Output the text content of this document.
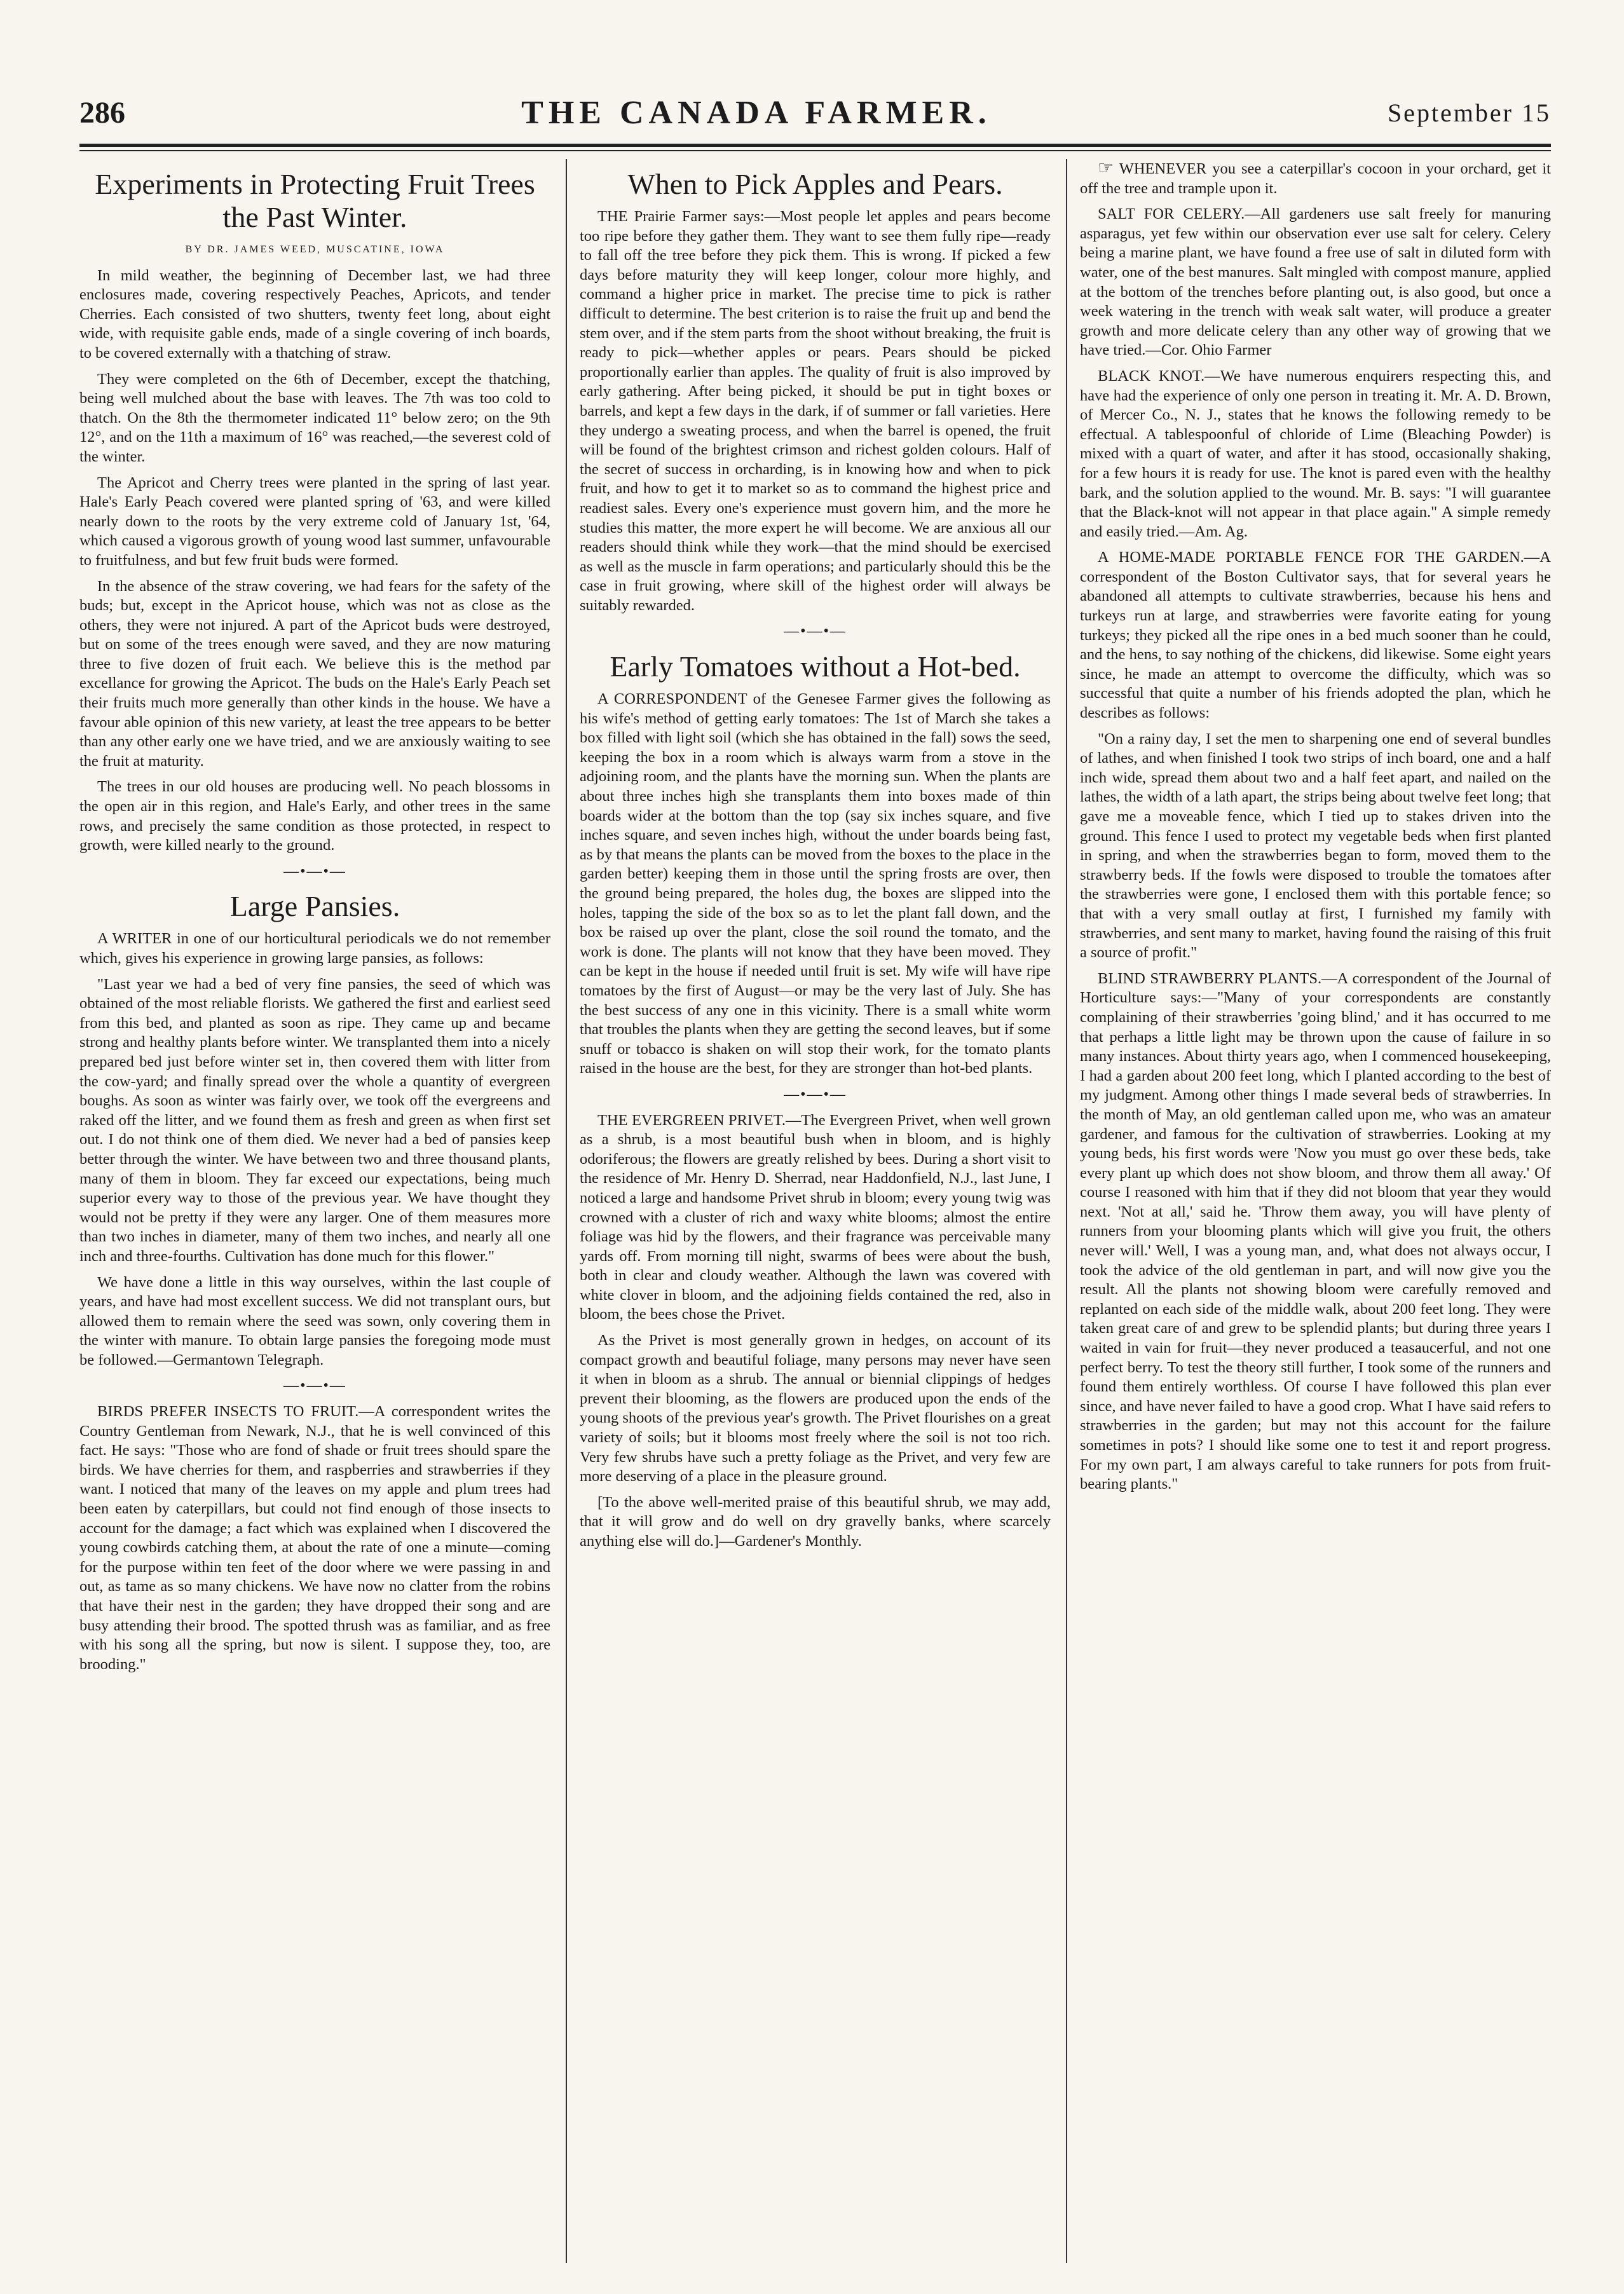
286	THE CANADA FARMER.	September 15
Experiments in Protecting Fruit Trees the Past Winter.
BY DR. JAMES WEED, MUSCATINE, IOWA

In mild weather, the beginning of December last, we had three enclosures made, covering respectively Peaches, Apricots, and tender Cherries. Each consisted of two shutters, twenty feet long, about eight wide, with requisite gable ends, made of a single covering of inch boards, to be covered externally with a thatching of straw.

They were completed on the 6th of December, except the thatching, being well mulched about the base with leaves. The 7th was too cold to thatch. On the 8th the thermometer indicated 11° below zero; on the 9th 12°, and on the 11th a maximum of 16° was reached,—the severest cold of the winter.

The Apricot and Cherry trees were planted in the spring of last year. Hale's Early Peach covered were planted spring of '63, and were killed nearly down to the roots by the very extreme cold of January 1st, '64, which caused a vigorous growth of young wood last summer, unfavourable to fruitfulness, and but few fruit buds were formed.

In the absence of the straw covering, we had fears for the safety of the buds; but, except in the Apricot house, which was not as close as the others, they were not injured. A part of the Apricot buds were destroyed, but on some of the trees enough were saved, and they are now maturing three to five dozen of fruit each. We believe this is the method par excellance for growing the Apricot. The buds on the Hale's Early Peach set their fruits much more generally than other kinds in the house. We have a favour able opinion of this new variety, at least the tree appears to be better than any other early one we have tried, and we are anxiously waiting to see the fruit at maturity.

The trees in our old houses are producing well. No peach blossoms in the open air in this region, and Hale's Early, and other trees in the same rows, and precisely the same condition as those protected, in respect to growth, were killed nearly to the ground.

—•—•—
Large Pansies.

A WRITER in one of our horticultural periodicals we do not remember which, gives his experience in growing large pansies, as follows:

"Last year we had a bed of very fine pansies, the seed of which was obtained of the most reliable florists. We gathered the first and earliest seed from this bed, and planted as soon as ripe. They came up and became strong and healthy plants before winter. We transplanted them into a nicely prepared bed just before winter set in, then covered them with litter from the cow-yard; and finally spread over the whole a quantity of evergreen boughs. As soon as winter was fairly over, we took off the evergreens and raked off the litter, and we found them as fresh and green as when first set out. I do not think one of them died. We never had a bed of pansies keep better through the winter. We have between two and three thousand plants, many of them in bloom. They far exceed our expectations, being much superior every way to those of the previous year. We have thought they would not be pretty if they were any larger. One of them measures more than two inches in diameter, many of them two inches, and nearly all one inch and three-fourths. Cultivation has done much for this flower."

We have done a little in this way ourselves, within the last couple of years, and have had most excellent success. We did not transplant ours, but allowed them to remain where the seed was sown, only covering them in the winter with manure. To obtain large pansies the foregoing mode must be followed.—Germantown Telegraph.

—•—•—

BIRDS PREFER INSECTS TO FRUIT.—A correspondent writes the Country Gentleman from Newark, N.J., that he is well convinced of this fact. He says: "Those who are fond of shade or fruit trees should spare the birds. We have cherries for them, and raspberries and strawberries if they want. I noticed that many of the leaves on my apple and plum trees had been eaten by caterpillars, but could not find enough of those insects to account for the damage; a fact which was explained when I discovered the young cowbirds catching them, at about the rate of one a minute—coming for the purpose within ten feet of the door where we were passing in and out, as tame as so many chickens. We have now no clatter from the robins that have their nest in the garden; they have dropped their song and are busy attending their brood. The spotted thrush was as familiar, and as free with his song all the spring, but now is silent. I suppose they, too, are brooding."

When to Pick Apples and Pears.

THE Prairie Farmer says:—Most people let apples and pears become too ripe before they gather them. They want to see them fully ripe—ready to fall off the tree before they pick them. This is wrong. If picked a few days before maturity they will keep longer, colour more highly, and command a higher price in market. The precise time to pick is rather difficult to determine. The best criterion is to raise the fruit up and bend the stem over, and if the stem parts from the shoot without breaking, the fruit is ready to pick—whether apples or pears. Pears should be picked proportionally earlier than apples. The quality of fruit is also improved by early gathering. After being picked, it should be put in tight boxes or barrels, and kept a few days in the dark, if of summer or fall varieties. Here they undergo a sweating process, and when the barrel is opened, the fruit will be found of the brightest crimson and richest golden colours. Half of the secret of success in orcharding, is in knowing how and when to pick fruit, and how to get it to market so as to command the highest price and readiest sales. Every one's experience must govern him, and the more he studies this matter, the more expert he will become. We are anxious all our readers should think while they work—that the mind should be exercised as well as the muscle in farm operations; and particularly should this be the case in fruit growing, where skill of the highest order will always be suitably rewarded.

—•—•—
Early Tomatoes without a Hot-bed.

A CORRESPONDENT of the Genesee Farmer gives the following as his wife's method of getting early tomatoes: The 1st of March she takes a box filled with light soil (which she has obtained in the fall) sows the seed, keeping the box in a room which is always warm from a stove in the adjoining room, and the plants have the morning sun. When the plants are about three inches high she transplants them into boxes made of thin boards wider at the bottom than the top (say six inches square, and five inches square, and seven inches high, without the under boards being fast, as by that means the plants can be moved from the boxes to the place in the garden better) keeping them in those until the spring frosts are over, then the ground being prepared, the holes dug, the boxes are slipped into the holes, tapping the side of the box so as to let the plant fall down, and the box be raised up over the plant, close the soil round the tomato, and the work is done. The plants will not know that they have been moved. They can be kept in the house if needed until fruit is set. My wife will have ripe tomatoes by the first of August—or may be the very last of July. She has the best success of any one in this vicinity. There is a small white worm that troubles the plants when they are getting the second leaves, but if some snuff or tobacco is shaken on will stop their work, for the tomato plants raised in the house are the best, for they are stronger than hot-bed plants.

—•—•—

THE EVERGREEN PRIVET.—The Evergreen Privet, when well grown as a shrub, is a most beautiful bush when in bloom, and is highly odoriferous; the flowers are greatly relished by bees. During a short visit to the residence of Mr. Henry D. Sherrad, near Haddonfield, N.J., last June, I noticed a large and handsome Privet shrub in bloom; every young twig was crowned with a cluster of rich and waxy white blooms; almost the entire foliage was hid by the flowers, and their fragrance was perceivable many yards off. From morning till night, swarms of bees were about the bush, both in clear and cloudy weather. Although the lawn was covered with white clover in bloom, and the adjoining fields contained the red, also in bloom, the bees chose the Privet.

As the Privet is most generally grown in hedges, on account of its compact growth and beautiful foliage, many persons may never have seen it when in bloom as a shrub. The annual or biennial clippings of hedges prevent their blooming, as the flowers are produced upon the ends of the young shoots of the previous year's growth. The Privet flourishes on a great variety of soils; but it blooms most freely where the soil is not too rich. Very few shrubs have such a pretty foliage as the Privet, and very few are more deserving of a place in the pleasure ground.

[To the above well-merited praise of this beautiful shrub, we may add, that it will grow and do well on dry gravelly banks, where scarcely anything else will do.]—Gardener's Monthly.

☞ WHENEVER you see a caterpillar's cocoon in your orchard, get it off the tree and trample upon it.

SALT FOR CELERY.—All gardeners use salt freely for manuring asparagus, yet few within our observation ever use salt for celery. Celery being a marine plant, we have found a free use of salt in diluted form with water, one of the best manures. Salt mingled with compost manure, applied at the bottom of the trenches before planting out, is also good, but once a week watering in the trench with weak salt water, will produce a greater growth and more delicate celery than any other way of growing that we have tried.—Cor. Ohio Farmer

BLACK KNOT.—We have numerous enquirers respecting this, and have had the experience of only one person in treating it. Mr. A. D. Brown, of Mercer Co., N. J., states that he knows the following remedy to be effectual. A tablespoonful of chloride of Lime (Bleaching Powder) is mixed with a quart of water, and after it has stood, occasionally shaking, for a few hours it is ready for use. The knot is pared even with the healthy bark, and the solution applied to the wound. Mr. B. says: "I will guarantee that the Black-knot will not appear in that place again." A simple remedy and easily tried.—Am. Ag.

A HOME-MADE PORTABLE FENCE FOR THE GARDEN.—A correspondent of the Boston Cultivator says, that for several years he abandoned all attempts to cultivate strawberries, because his hens and turkeys run at large, and strawberries were favorite eating for young turkeys; they picked all the ripe ones in a bed much sooner than he could, and the hens, to say nothing of the chickens, did likewise. Some eight years since, he made an attempt to overcome the difficulty, which was so successful that quite a number of his friends adopted the plan, which he describes as follows:

"On a rainy day, I set the men to sharpening one end of several bundles of lathes, and when finished I took two strips of inch board, one and a half inch wide, spread them about two and a half feet apart, and nailed on the lathes, the width of a lath apart, the strips being about twelve feet long; that gave me a moveable fence, which I tied up to stakes driven into the ground. This fence I used to protect my vegetable beds when first planted in spring, and when the strawberries began to form, moved them to the strawberry beds. If the fowls were disposed to trouble the tomatoes after the strawberries were gone, I enclosed them with this portable fence; so that with a very small outlay at first, I furnished my family with strawberries, and sent many to market, having found the raising of this fruit a source of profit."

BLIND STRAWBERRY PLANTS.—A correspondent of the Journal of Horticulture says:—"Many of your correspondents are constantly complaining of their strawberries 'going blind,' and it has occurred to me that perhaps a little light may be thrown upon the cause of failure in so many instances. About thirty years ago, when I commenced housekeeping, I had a garden about 200 feet long, which I planted according to the best of my judgment. Among other things I made several beds of strawberries. In the month of May, an old gentleman called upon me, who was an amateur gardener, and famous for the cultivation of strawberries. Looking at my young beds, his first words were 'Now you must go over these beds, take every plant up which does not show bloom, and throw them all away.' Of course I reasoned with him that if they did not bloom that year they would next. 'Not at all,' said he. 'Throw them away, you will have plenty of runners from your blooming plants which will give you fruit, the others never will.' Well, I was a young man, and, what does not always occur, I took the advice of the old gentleman in part, and will now give you the result. All the plants not showing bloom were carefully removed and replanted on each side of the middle walk, about 200 feet long. They were taken great care of and grew to be splendid plants; but during three years I waited in vain for fruit—they never produced a teasaucerful, and not one perfect berry. To test the theory still further, I took some of the runners and found them entirely worthless. Of course I have followed this plan ever since, and have never failed to have a good crop. What I have said refers to strawberries in the garden; but may not this account for the failure sometimes in pots? I should like some one to test it and report progress. For my own part, I am always careful to take runners for pots from fruit-bearing plants."
